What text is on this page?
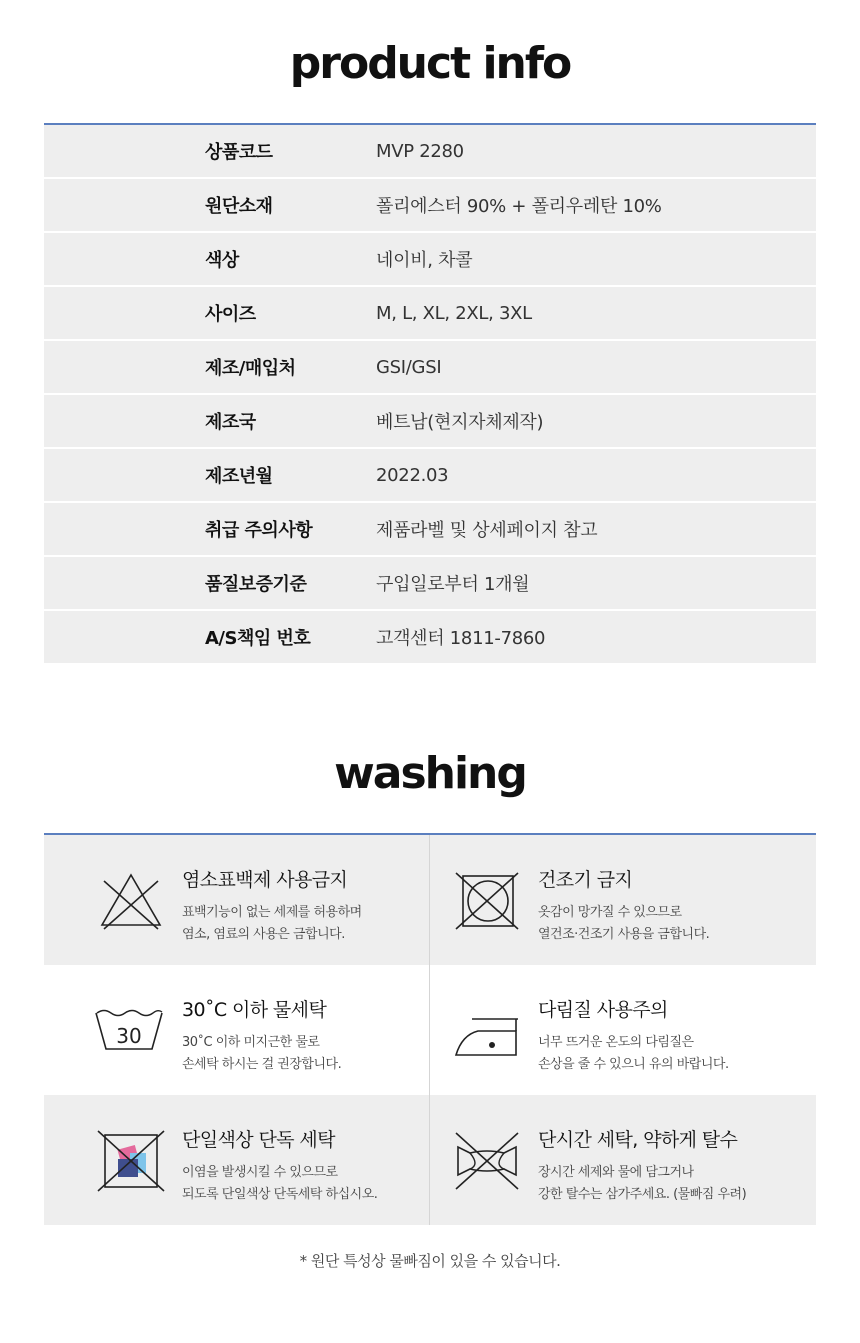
product info
상품코드	MVP 2280
원단소재	폴리에스터 90% + 폴리우레탄 10%
색상	네이비, 차콜
사이즈	M, L, XL, 2XL, 3XL
제조/매입처	GSI/GSI
제조국	베트남(현지자체제작)
제조년월	2022.03
취급 주의사항	제품라벨 및 상세페이지 참고
품질보증기준	구입일로부터 1개월
A/S책임 번호	고객센터 1811-7860
washing
염소표백제 사용금지
표백기능이 없는 세제를 허용하며
염소, 염료의 사용은 금합니다.
건조기 금지
옷감이 망가질 수 있으므로
열건조·건조기 사용을 금합니다.
30
30˚C 이하 물세탁
30˚C 이하 미지근한 물로
손세탁 하시는 걸 권장합니다.
다림질 사용주의
너무 뜨거운 온도의 다림질은
손상을 줄 수 있으니 유의 바랍니다.
단일색상 단독 세탁
이염을 발생시킬 수 있으므로
되도록 단일색상 단독세탁 하십시오.
단시간 세탁, 약하게 탈수
장시간 세제와 물에 담그거나
강한 탈수는 삼가주세요. (물빠짐 우려)
* 원단 특성상 물빠짐이 있을 수 있습니다.
